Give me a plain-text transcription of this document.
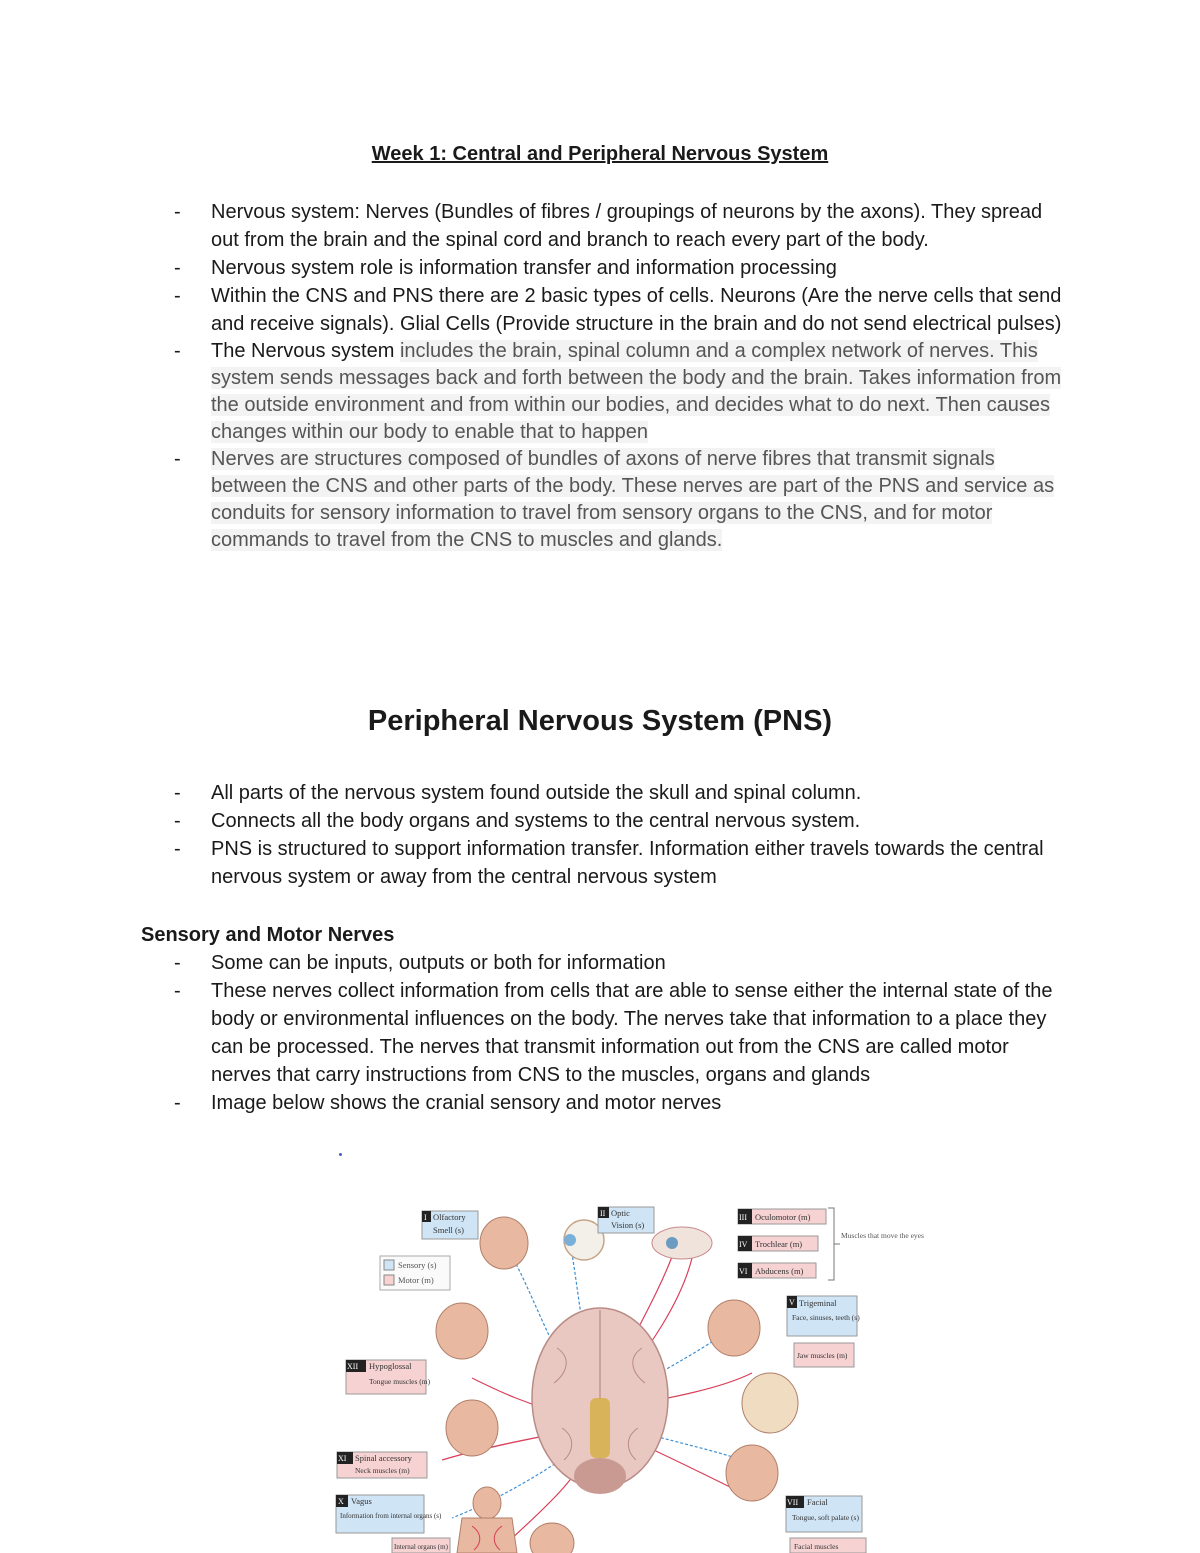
Week 1: Central and Peripheral Nervous System
- Nervous system: Nerves (Bundles of fibres / groupings of neurons by the axons). They spread out from the brain and the spinal cord and branch to reach every part of the body.
- Nervous system role is information transfer and information processing
- Within the CNS and PNS there are 2 basic types of cells. Neurons (Are the nerve cells that send and receive signals). Glial Cells (Provide structure in the brain and do not send electrical pulses)
- The Nervous system includes the brain, spinal column and a complex network of nerves. This system sends messages back and forth between the body and the brain. Takes information from the outside environment and from within our bodies, and decides what to do next. Then causes changes within our body to enable that to happen
- Nerves are structures composed of bundles of axons of nerve fibres that transmit signals between the CNS and other parts of the body. These nerves are part of the PNS and service as conduits for sensory information to travel from sensory organs to the CNS, and for motor commands to travel from the CNS to muscles and glands.
Peripheral Nervous System (PNS)
- All parts of the nervous system found outside the skull and spinal column.
- Connects all the body organs and systems to the central nervous system.
- PNS is structured to support information transfer. Information either travels towards the central nervous system or away from the central nervous system
Sensory and Motor Nerves
- Some can be inputs, outputs or both for information
- These nerves collect information from cells that are able to sense either the internal state of the body or environmental influences on the body. The nerves take that information to a place they can be processed. The nerves that transmit information out from the CNS are called motor nerves that carry instructions from CNS to the muscles, organs and glands
- Image below shows the cranial sensory and motor nerves
Sensory (s)
Motor (m)
I Olfactory
Smell (s)
II Optic
Vision (s)
III Oculomotor (m)
IV Trochlear (m)
VI Abducens (m)
Muscles that move the eyes
V Trigeminal
Face, sinuses, teeth (s)
Jaw muscles (m)
XII Hypoglossal
Tongue muscles (m)
XI Spinal accessory
Neck muscles (m)
X Vagus
Information from internal organs (s)
Internal organs (m)
VII Facial
Tongue, soft palate (s)
Facial muscles
